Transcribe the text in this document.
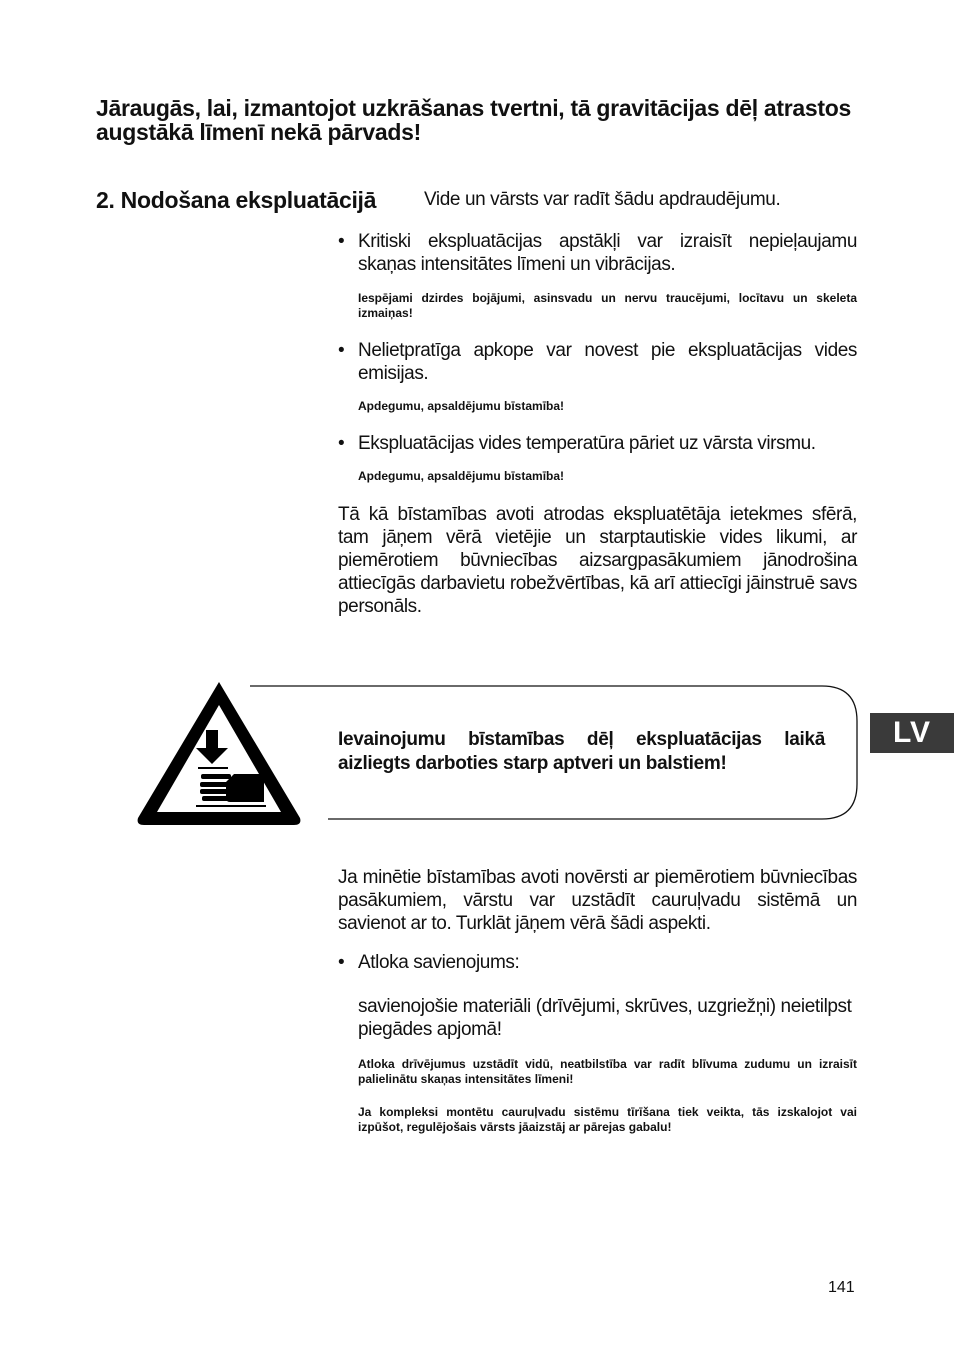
Jāraugās, lai, izmantojot uzkrāšanas tvertni, tā gravitācijas dēļ atrastos augstākā līmenī nekā pārvads!
2. Nodošana ekspluatācijā	Vide un vārsts var radīt šādu apdraudējumu.
• Kritiski ekspluatācijas apstākļi var izraisīt nepieļaujamu skaņas intensitātes līmeni un vibrācijas.
Iespējami dzirdes bojājumi, asinsvadu un nervu traucējumi, locītavu un skeleta izmaiņas!
• Nelietpratīga apkope var novest pie ekspluatācijas vides emisijas.
Apdegumu, apsaldējumu bīstamība!
• Ekspluatācijas vides temperatūra pāriet uz vārsta virsmu.
Apdegumu, apsaldējumu bīstamība!
Tā kā bīstamības avoti atrodas ekspluatētāja ietekmes sfērā, tam jāņem vērā vietējie un starptautiskie vides likumi, ar piemērotiem būvniecības aizsargpasākumiem jānodrošina attiecīgās darbavietu robežvērtības, kā arī attiecīgi jāinstruē savs personāls.
Ievainojumu bīstamības dēļ ekspluatācijas laikā aizliegts darboties starp aptveri un balstiem!
LV
Ja minētie bīstamības avoti novērsti ar piemērotiem būvniecības pasākumiem, vārstu var uzstādīt cauruļvadu sistēmā un savienot ar to. Turklāt jāņem vērā šādi aspekti.
• Atloka savienojums:
savienojošie materiāli (drīvējumi, skrūves, uzgriežņi) neietilpst piegādes apjomā!
Atloka drīvējumus uzstādīt vidū, neatbilstība var radīt blīvuma zudumu un izraisīt palielinātu skaņas intensitātes līmeni!
Ja kompleksi montētu cauruļvadu sistēmu tīrīšana tiek veikta, tās izskalojot vai izpūšot, regulējošais vārsts jāaizstāj ar pārejas gabalu!
141
